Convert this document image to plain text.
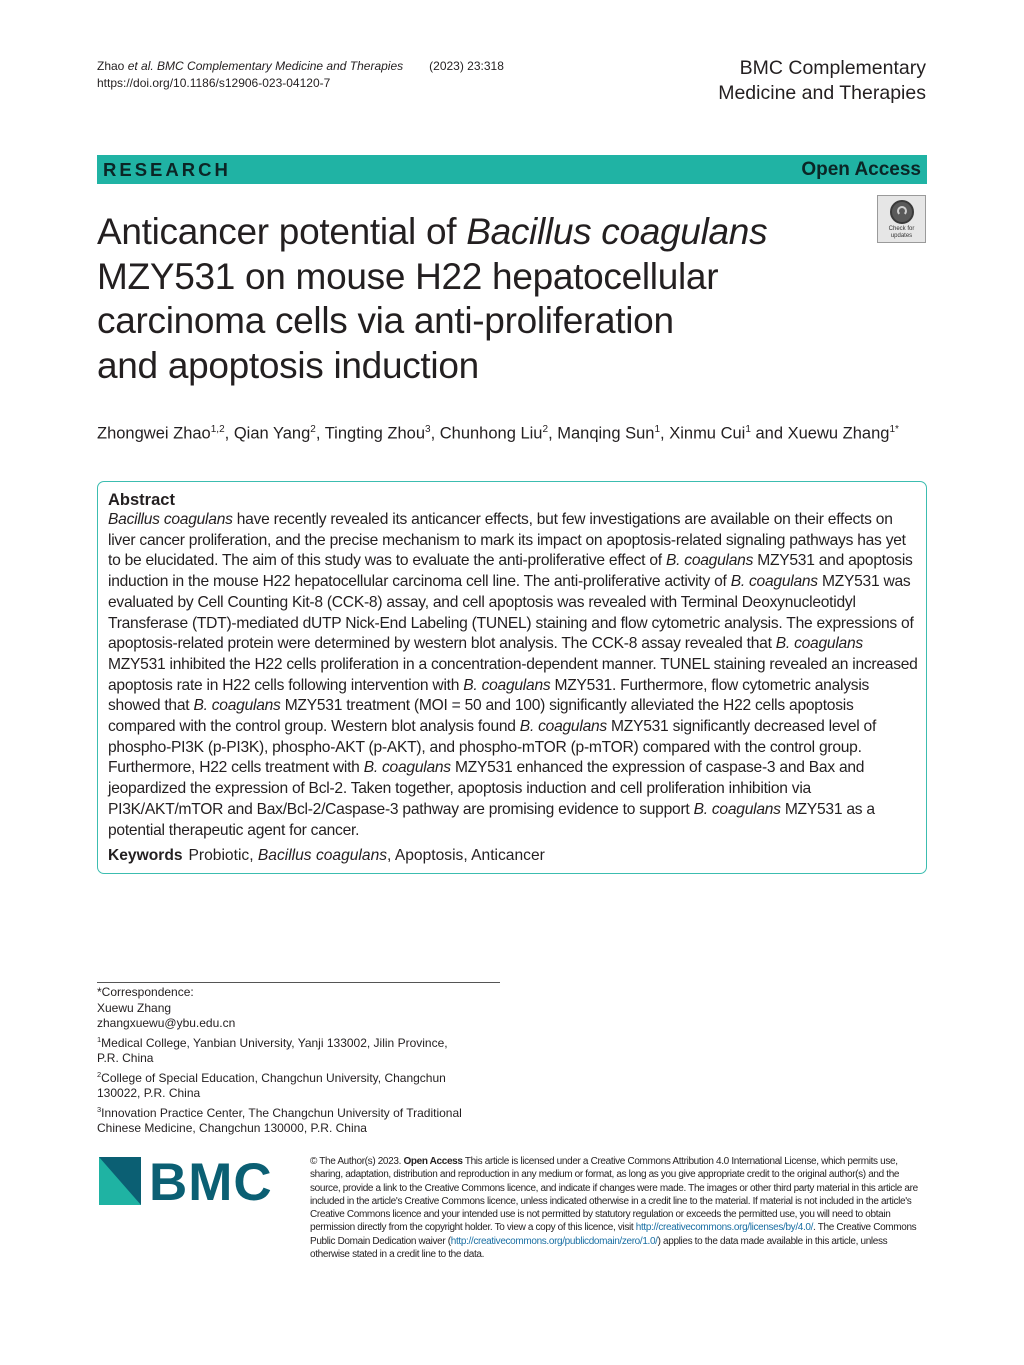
Zhao et al. BMC Complementary Medicine and Therapies (2023) 23:318
https://doi.org/10.1186/s12906-023-04120-7
BMC Complementary
Medicine and Therapies
RESEARCH	Open Access
Anticancer potential of Bacillus coagulans
MZY531 on mouse H22 hepatocellular
carcinoma cells via anti-proliferation
and apoptosis induction
Check for
updates
Zhongwei Zhao$^{1,2}$, Qian Yang$^2$, Tingting Zhou$^3$, Chunhong Liu$^2$, Manqing Sun$^1$, Xinmu Cui$^1$ and Xuewu Zhang$^{1*}$
Abstract
Bacillus coagulans have recently revealed its anticancer effects, but few investigations are available on their effects on liver cancer proliferation, and the precise mechanism to mark its impact on apoptosis-related signaling pathways has yet to be elucidated. The aim of this study was to evaluate the anti-proliferative effect of B. coagulans MZY531 and apoptosis induction in the mouse H22 hepatocellular carcinoma cell line. The anti-proliferative activity of B. coagulans MZY531 was evaluated by Cell Counting Kit-8 (CCK-8) assay, and cell apoptosis was revealed with Terminal Deoxynucleotidyl Transferase (TDT)-mediated dUTP Nick-End Labeling (TUNEL) staining and flow cytometric analysis. The expressions of apoptosis-related protein were determined by western blot analysis. The CCK-8 assay revealed that B. coagulans MZY531 inhibited the H22 cells proliferation in a concentration-dependent manner. TUNEL staining revealed an increased apoptosis rate in H22 cells following intervention with B. coagulans MZY531. Furthermore, flow cytometric analysis showed that B. coagulans MZY531 treatment (MOI = 50 and 100) significantly alleviated the H22 cells apoptosis compared with the control group. Western blot analysis found B. coagulans MZY531 significantly decreased level of phospho-PI3K (p-PI3K), phospho-AKT (p-AKT), and phospho-mTOR (p-mTOR) compared with the control group. Furthermore, H22 cells treatment with B. coagulans MZY531 enhanced the expression of caspase-3 and Bax and jeopardized the expression of Bcl-2. Taken together, apoptosis induction and cell proliferation inhibition via PI3K/AKT/mTOR and Bax/Bcl-2/Caspase-3 pathway are promising evidence to support B. coagulans MZY531 as a potential therapeutic agent for cancer.
Keywords Probiotic, Bacillus coagulans, Apoptosis, Anticancer

*Correspondence:

Xuewu Zhang

zhangxuewu@ybu.edu.cn

$^1$Medical College, Yanbian University, Yanji 133002, Jilin Province, P.R. China

$^2$College of Special Education, Changchun University, Changchun 130022, P.R. China

$^3$Innovation Practice Center, The Changchun University of Traditional Chinese Medicine, Changchun 130000, P.R. China

BMC	© The Author(s) 2023. Open Access This article is licensed under a Creative Commons Attribution 4.0 International License, which permits use, sharing, adaptation, distribution and reproduction in any medium or format, as long as you give appropriate credit to the original author(s) and the source, provide a link to the Creative Commons licence, and indicate if changes were made. The images or other third party material in this article are included in the article's Creative Commons licence, unless indicated otherwise in a credit line to the material. If material is not included in the article's Creative Commons licence and your intended use is not permitted by statutory regulation or exceeds the permitted use, you will need to obtain permission directly from the copyright holder. To view a copy of this licence, visit http://creativecommons.org/licenses/by/4.0/. The Creative Commons Public Domain Dedication waiver (http://creativecommons.org/publicdomain/zero/1.0/) applies to the data made available in this article, unless otherwise stated in a credit line to the data.
